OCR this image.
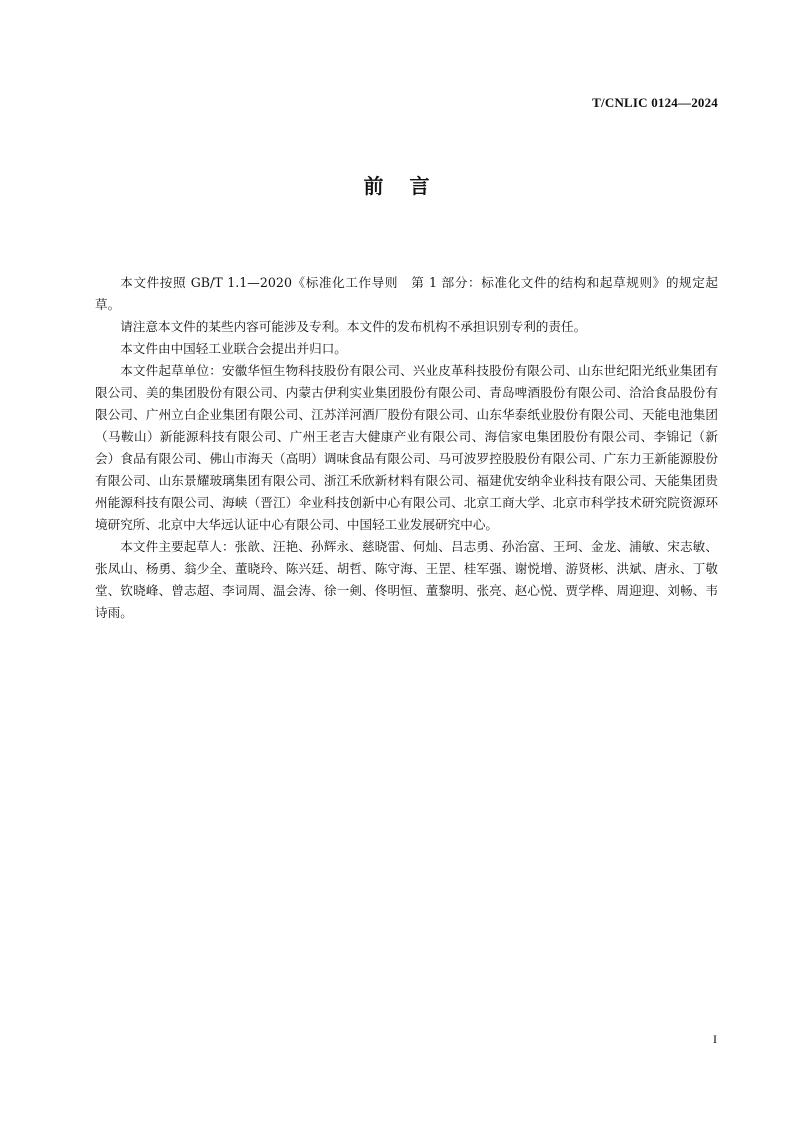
T/CNLIC 0124—2024
前言

本文件按照 GB/T 1.1—2020《标准化工作导则　第 1 部分：标准化文件的结构和起草规则》的规定起草。

请注意本文件的某些内容可能涉及专利。本文件的发布机构不承担识别专利的责任。

本文件由中国轻工业联合会提出并归口。

本文件起草单位：安徽华恒生物科技股份有限公司、兴业皮革科技股份有限公司、山东世纪阳光纸业集团有限公司、美的集团股份有限公司、内蒙古伊利实业集团股份有限公司、青岛啤酒股份有限公司、洽洽食品股份有限公司、广州立白企业集团有限公司、江苏洋河酒厂股份有限公司、山东华泰纸业股份有限公司、天能电池集团（马鞍山）新能源科技有限公司、广州王老吉大健康产业有限公司、海信家电集团股份有限公司、李锦记（新会）食品有限公司、佛山市海天（高明）调味食品有限公司、马可波罗控股股份有限公司、广东力王新能源股份有限公司、山东景耀玻璃集团有限公司、浙江禾欣新材料有限公司、福建优安纳伞业科技有限公司、天能集团贵州能源科技有限公司、海峡（晋江）伞业科技创新中心有限公司、北京工商大学、北京市科学技术研究院资源环境研究所、北京中大华远认证中心有限公司、中国轻工业发展研究中心。

本文件主要起草人：张歆、汪艳、孙辉永、慈晓雷、何灿、吕志勇、孙治富、王珂、金龙、浦敏、宋志敏、张凤山、杨勇、翁少全、董晓玲、陈兴廷、胡哲、陈守海、王罡、桂军强、谢悦增、游贤彬、洪斌、唐永、丁敬堂、钦晓峰、曾志超、李词周、温会涛、徐一剣、佟明恒、董黎明、张亮、赵心悦、贾学桦、周迎迎、刘畅、韦诗雨。

I
